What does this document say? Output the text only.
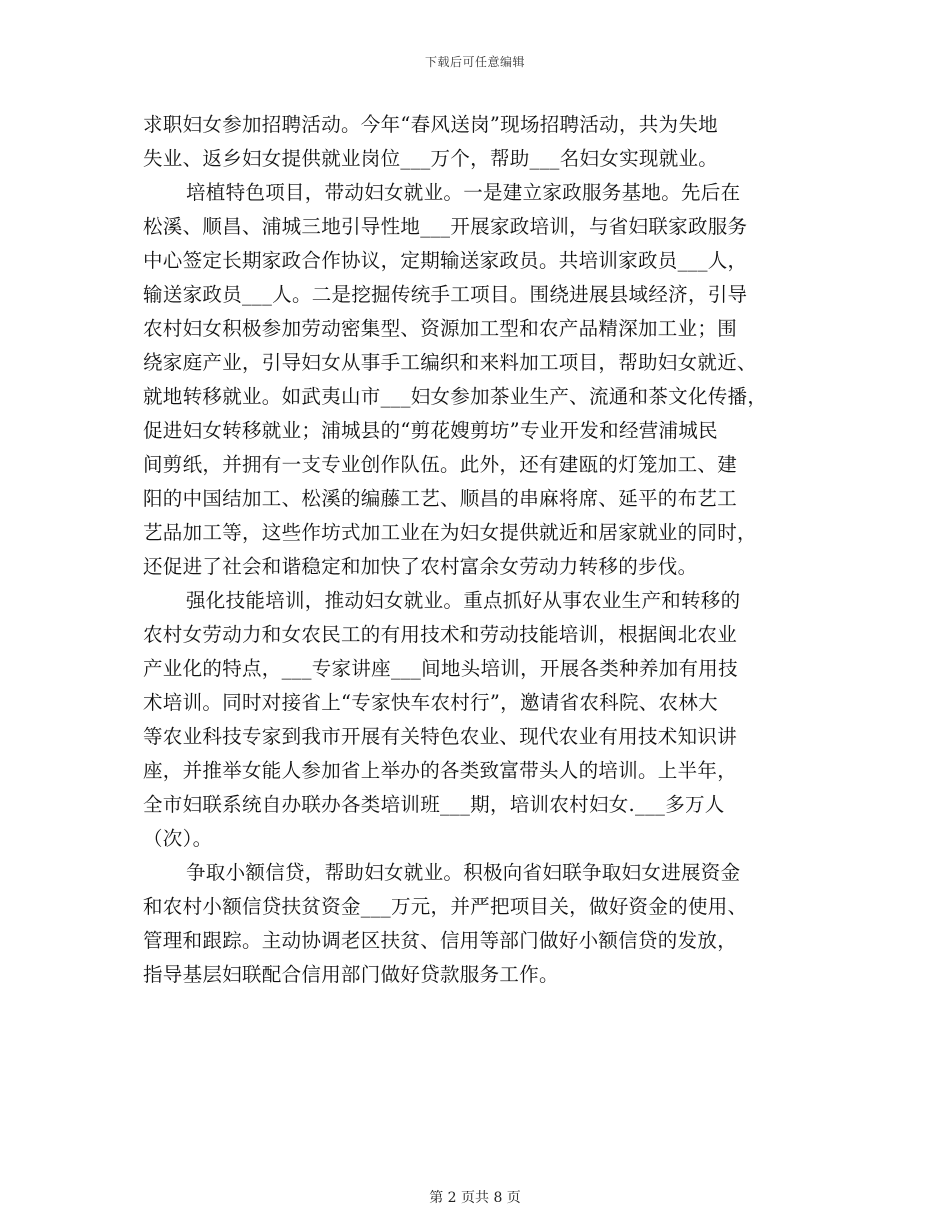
下载后可任意编辑
求职妇女参加招聘活动。今年“春风送岗”现场招聘活动，共为失地
失业、返乡妇女提供就业岗位___万个，帮助___名妇女实现就业。
培植特色项目，带动妇女就业。一是建立家政服务基地。先后在
松溪、顺昌、浦城三地引导性地___开展家政培训，与省妇联家政服务
中心签定长期家政合作协议，定期输送家政员。共培训家政员___人，
输送家政员___人。二是挖掘传统手工项目。围绕进展县域经济，引导
农村妇女积极参加劳动密集型、资源加工型和农产品精深加工业；围
绕家庭产业，引导妇女从事手工编织和来料加工项目，帮助妇女就近、
就地转移就业。如武夷山市___妇女参加茶业生产、流通和茶文化传播，
促进妇女转移就业；浦城县的“剪花嫂剪坊”专业开发和经营浦城民
间剪纸，并拥有一支专业创作队伍。此外，还有建瓯的灯笼加工、建
阳的中国结加工、松溪的编藤工艺、顺昌的串麻将席、延平的布艺工
艺品加工等，这些作坊式加工业在为妇女提供就近和居家就业的同时，
还促进了社会和谐稳定和加快了农村富余女劳动力转移的步伐。
强化技能培训，推动妇女就业。重点抓好从事农业生产和转移的
农村女劳动力和女农民工的有用技术和劳动技能培训，根据闽北农业
产业化的特点，___专家讲座___间地头培训，开展各类种养加有用技
术培训。同时对接省上“专家快车农村行”，邀请省农科院、农林大
等农业科技专家到我市开展有关特色农业、现代农业有用技术知识讲
座，并推举女能人参加省上举办的各类致富带头人的培训。上半年，
全市妇联系统自办联办各类培训班___期，培训农村妇女.___多万人
（次）。
争取小额信贷，帮助妇女就业。积极向省妇联争取妇女进展资金
和农村小额信贷扶贫资金___万元，并严把项目关，做好资金的使用、
管理和跟踪。主动协调老区扶贫、信用等部门做好小额信贷的发放，
指导基层妇联配合信用部门做好贷款服务工作。
第 2 页共 8 页
